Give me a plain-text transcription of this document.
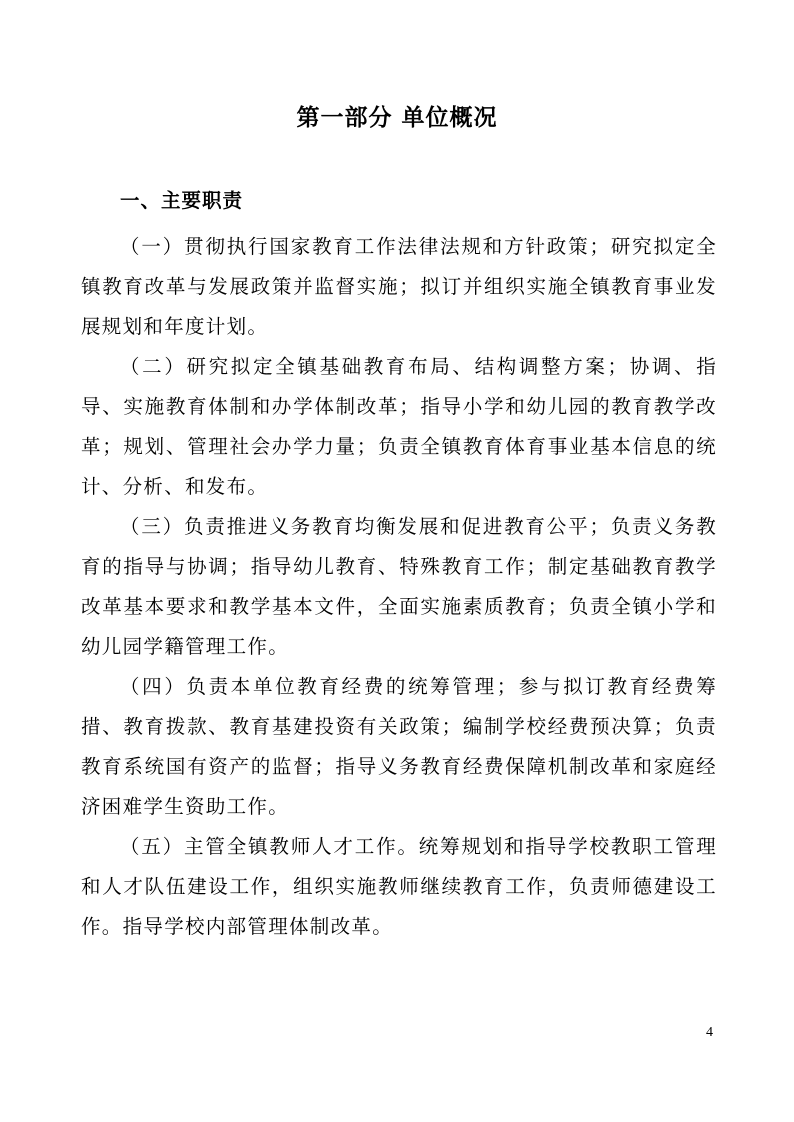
第一部分 单位概况
一、主要职责

（一）贯彻执行国家教育工作法律法规和方针政策；研究拟定全镇教育改革与发展政策并监督实施；拟订并组织实施全镇教育事业发展规划和年度计划。

（二）研究拟定全镇基础教育布局、结构调整方案；协调、指导、实施教育体制和办学体制改革；指导小学和幼儿园的教育教学改革；规划、管理社会办学力量；负责全镇教育体育事业基本信息的统计、分析、和发布。

（三）负责推进义务教育均衡发展和促进教育公平；负责义务教育的指导与协调；指导幼儿教育、特殊教育工作；制定基础教育教学改革基本要求和教学基本文件，全面实施素质教育；负责全镇小学和幼儿园学籍管理工作。

（四）负责本单位教育经费的统筹管理；参与拟订教育经费筹措、教育拨款、教育基建投资有关政策；编制学校经费预决算；负责教育系统国有资产的监督；指导义务教育经费保障机制改革和家庭经济困难学生资助工作。

（五）主管全镇教师人才工作。统筹规划和指导学校教职工管理和人才队伍建设工作，组织实施教师继续教育工作，负责师德建设工作。指导学校内部管理体制改革。

4
